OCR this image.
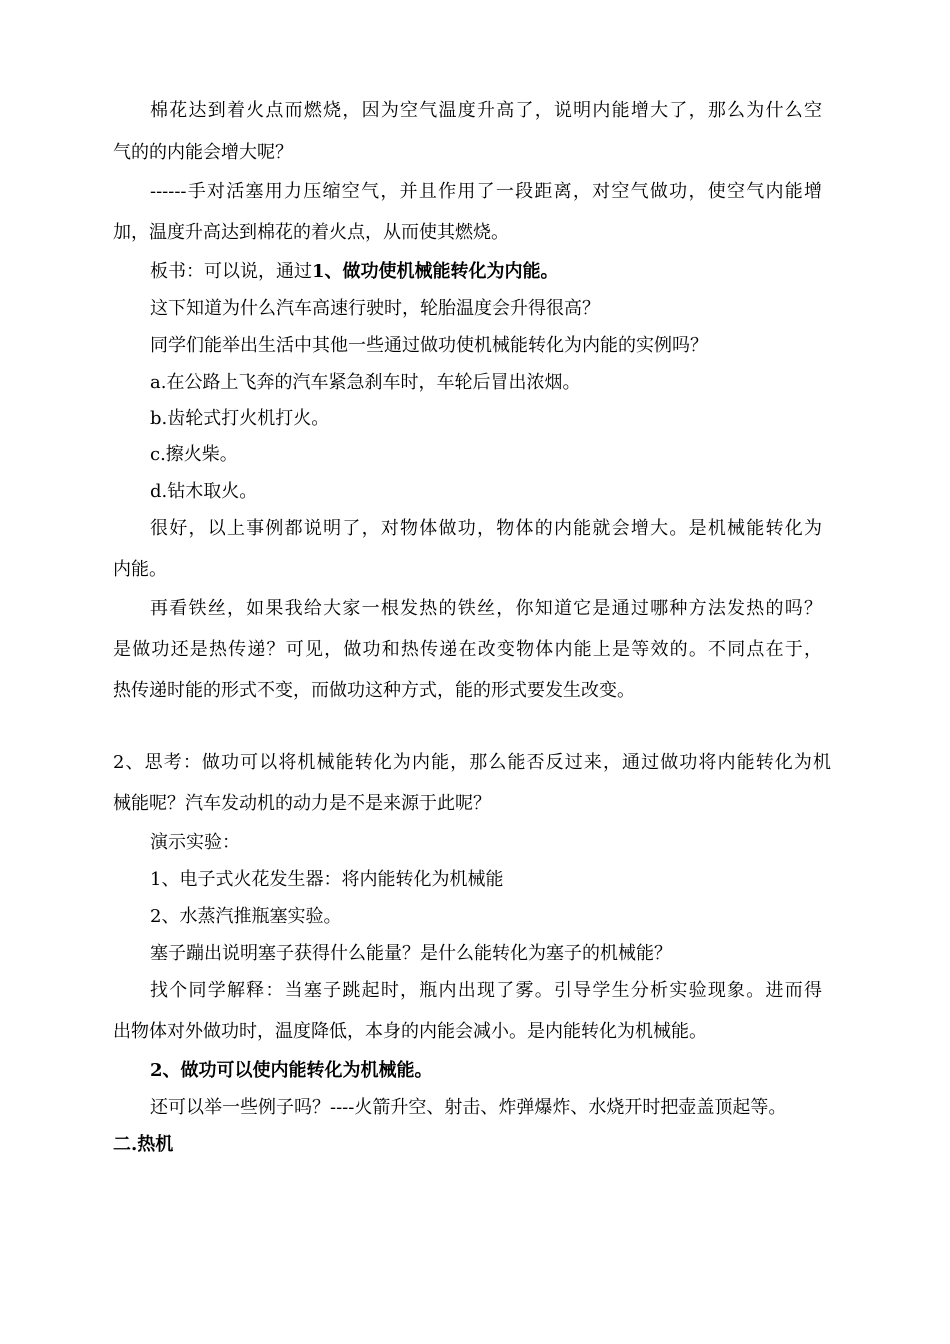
棉花达到着火点而燃烧，因为空气温度升高了，说明内能增大了，那么为什么空
气的的内能会增大呢？
------手对活塞用力压缩空气，并且作用了一段距离，对空气做功，使空气内能增
加，温度升高达到棉花的着火点，从而使其燃烧。
板书：可以说，通过1、做功使机械能转化为内能。
这下知道为什么汽车高速行驶时，轮胎温度会升得很高？
同学们能举出生活中其他一些通过做功使机械能转化为内能的实例吗？
a.在公路上飞奔的汽车紧急刹车时，车轮后冒出浓烟。
b.齿轮式打火机打火。
c.擦火柴。
d.钻木取火。
很好，以上事例都说明了，对物体做功，物体的内能就会增大。是机械能转化为
内能。
再看铁丝，如果我给大家一根发热的铁丝，你知道它是通过哪种方法发热的吗？
是做功还是热传递？可见，做功和热传递在改变物体内能上是等效的。不同点在于，
热传递时能的形式不变，而做功这种方式，能的形式要发生改变。
2、思考：做功可以将机械能转化为内能，那么能否反过来，通过做功将内能转化为机
械能呢？汽车发动机的动力是不是来源于此呢？
演示实验：
1、电子式火花发生器：将内能转化为机械能
2、水蒸汽推瓶塞实验。
塞子蹦出说明塞子获得什么能量？是什么能转化为塞子的机械能？
找个同学解释：当塞子跳起时，瓶内出现了雾。引导学生分析实验现象。进而得
出物体对外做功时，温度降低，本身的内能会减小。是内能转化为机械能。
2、做功可以使内能转化为机械能。
还可以举一些例子吗？----火箭升空、射击、炸弹爆炸、水烧开时把壶盖顶起等。
二.热机
